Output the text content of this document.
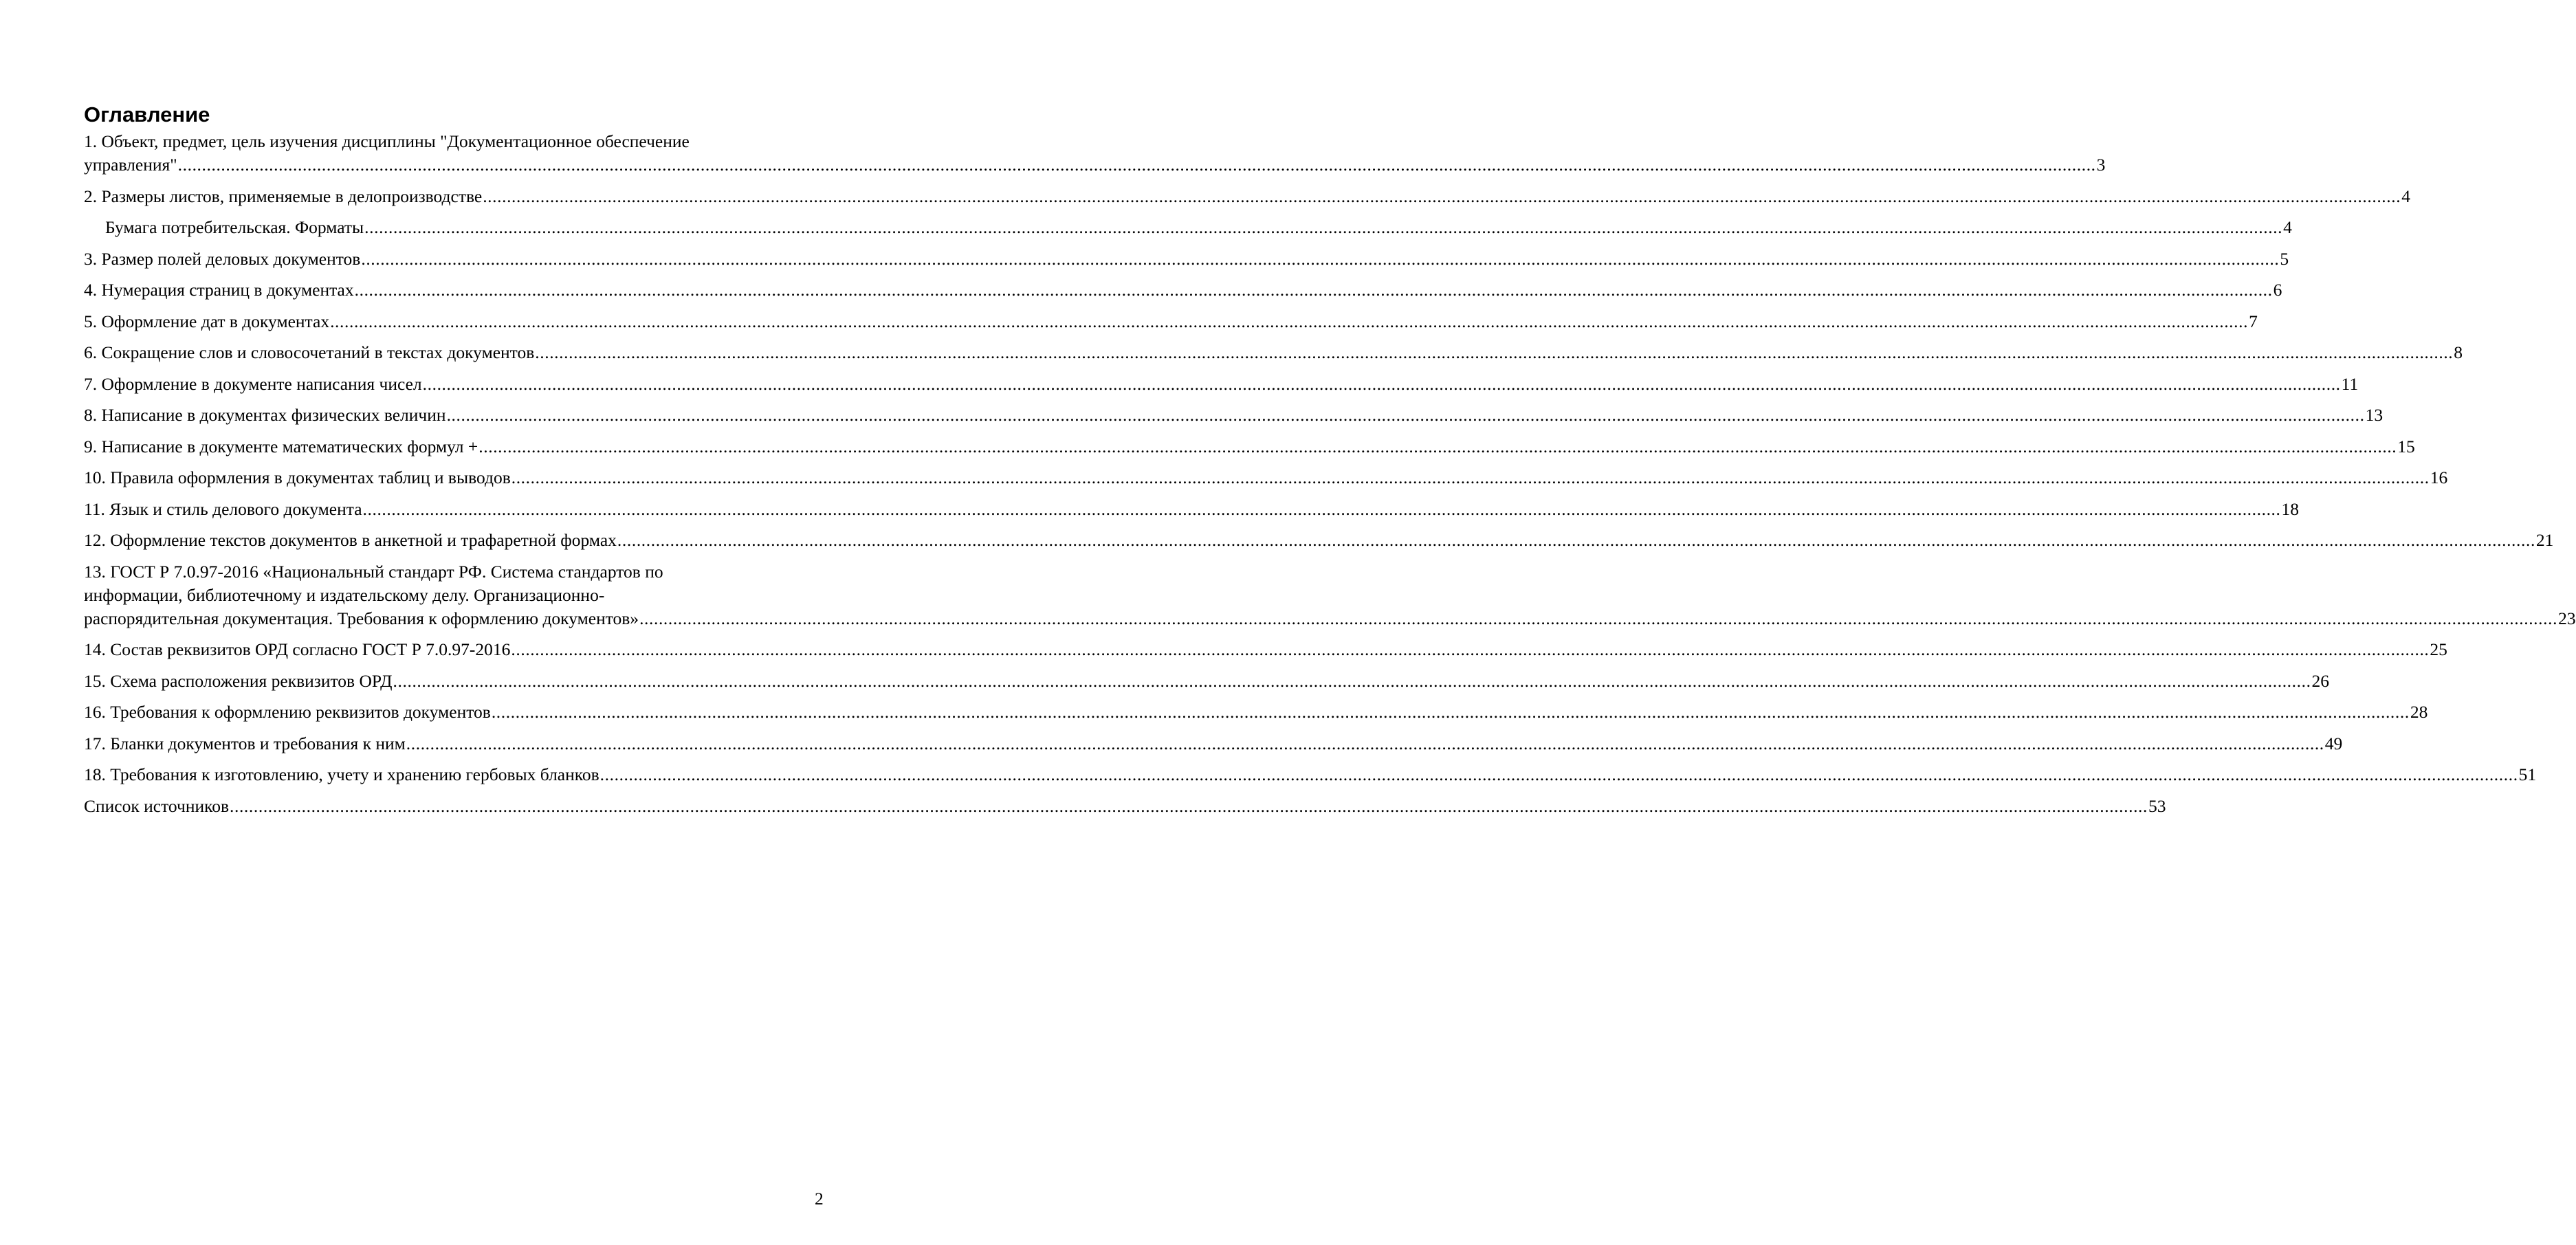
Оглавление
1. Объект, предмет, цель изучения дисциплины "Документационное обеспечение
управления" ................................................................................................................................................................................................................................................................................................................................................................................................................ 3
2. Размеры листов, применяемые в делопроизводстве ................................................................................................................................................................................................................................................................................................................................................................................................................ 4
Бумага потребительская. Форматы ................................................................................................................................................................................................................................................................................................................................................................................................................ 4
3. Размер полей деловых документов ................................................................................................................................................................................................................................................................................................................................................................................................................ 5
4. Нумерация страниц в документах ................................................................................................................................................................................................................................................................................................................................................................................................................ 6
5. Оформление дат в документах ................................................................................................................................................................................................................................................................................................................................................................................................................ 7
6. Сокращение слов и словосочетаний в текстах документов ................................................................................................................................................................................................................................................................................................................................................................................................................ 8
7. Оформление в документе написания чисел ................................................................................................................................................................................................................................................................................................................................................................................................................ 11
8. Написание в документах физических величин ................................................................................................................................................................................................................................................................................................................................................................................................................ 13
9. Написание в документе математических формул + ................................................................................................................................................................................................................................................................................................................................................................................................................ 15
10. Правила оформления в документах таблиц и выводов ................................................................................................................................................................................................................................................................................................................................................................................................................ 16
11. Язык и стиль делового документа ................................................................................................................................................................................................................................................................................................................................................................................................................ 18
12. Оформление текстов документов в анкетной и трафаретной формах ................................................................................................................................................................................................................................................................................................................................................................................................................ 21
13. ГОСТ Р 7.0.97-2016 «Национальный стандарт РФ. Система стандартов по
информации, библиотечному и издательскому делу. Организационно-
распорядительная документация. Требования к оформлению документов» ................................................................................................................................................................................................................................................................................................................................................................................................................ 23
14. Состав реквизитов ОРД согласно ГОСТ Р 7.0.97-2016 ................................................................................................................................................................................................................................................................................................................................................................................................................ 25
15. Схема расположения реквизитов ОРД ................................................................................................................................................................................................................................................................................................................................................................................................................ 26
16. Требования к оформлению реквизитов документов ................................................................................................................................................................................................................................................................................................................................................................................................................ 28
17. Бланки документов и требования к ним ................................................................................................................................................................................................................................................................................................................................................................................................................ 49
18. Требования к изготовлению, учету и хранению гербовых бланков ................................................................................................................................................................................................................................................................................................................................................................................................................ 51
Список источников ................................................................................................................................................................................................................................................................................................................................................................................................................ 53
2
